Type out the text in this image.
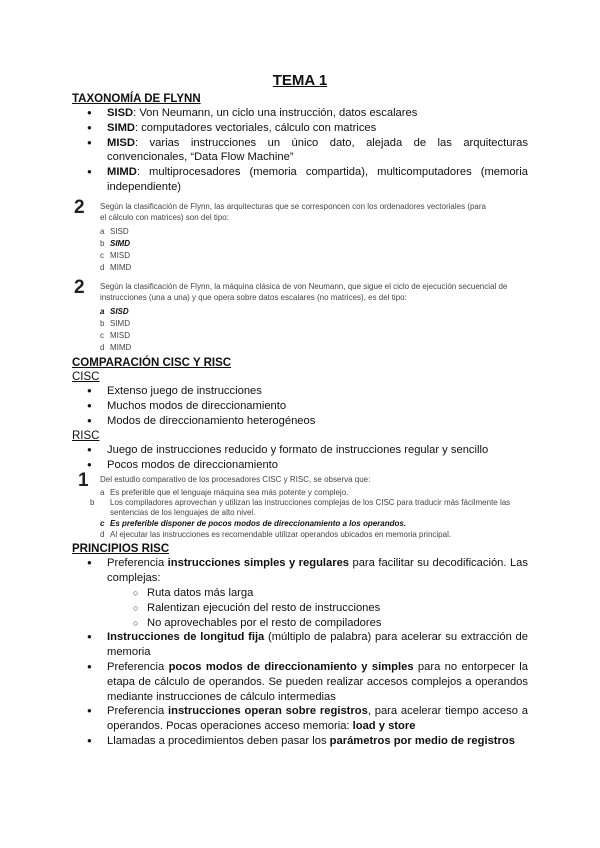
TEMA 1
TAXONOMÍA DE FLYNN
● SISD: Von Neumann, un ciclo una instrucción, datos escalares
● SIMD: computadores vectoriales, cálculo con matrices
● MISD: varias instrucciones un único dato, alejada de las arquitecturas convencionales, “Data Flow Machine”
● MIMD: multiprocesadores (memoria compartida), multicomputadores (memoria independiente)
2 Según la clasificación de Flynn, las arquitecturas que se corresponcen con los ordenadores vectoriales (para el cálculo con matrices) son del tipo:
a SISD
b SIMD
c MISD
d MIMD
2 Según la clasificación de Flynn, la máquina clásica de von Neumann, que sigue el ciclo de ejecución secuencial de instrucciones (una a una) y que opera sobre datos escalares (no matrices), es del tipo:
a SISD
b SIMD
c MISD
d MIMD
COMPARACIÓN CISC Y RISC
CISC
● Extenso juego de instrucciones
● Muchos modos de direccionamiento
● Modos de direccionamiento heterogéneos
RISC
● Juego de instrucciones reducido y formato de instrucciones regular y sencillo
● Pocos modos de direccionamiento
1 Del estudio comparativo de los procesadores CISC y RISC, se observa que:
a Es preferible que el lenguaje máquina sea más potente y complejo.
b Los compiladores aprovechan y utilizan las instrucciones complejas de los CISC para traducir más fácilmente las sentencias de los lenguajes de alto nivel.
c Es preferible disponer de pocos modos de direccionamiento a los operandos.
d Al ejecutar las instrucciones es recomendable utilizar operandos ubicados en memoria principal.
PRINCIPIOS RISC
● Preferencia instrucciones simples y regulares para facilitar su decodificación. Las complejas:
○ Ruta datos más larga
○ Ralentizan ejecución del resto de instrucciones
○ No aprovechables por el resto de compiladores
● Instrucciones de longitud fija (múltiplo de palabra) para acelerar su extracción de memoria
● Preferencia pocos modos de direccionamiento y simples para no entorpecer la etapa de cálculo de operandos. Se pueden realizar accesos complejos a operandos mediante instrucciones de cálculo intermedias
● Preferencia instrucciones operan sobre registros, para acelerar tiempo acceso a operandos. Pocas operaciones acceso memoria: load y store
● Llamadas a procedimientos deben pasar los parámetros por medio de registros
